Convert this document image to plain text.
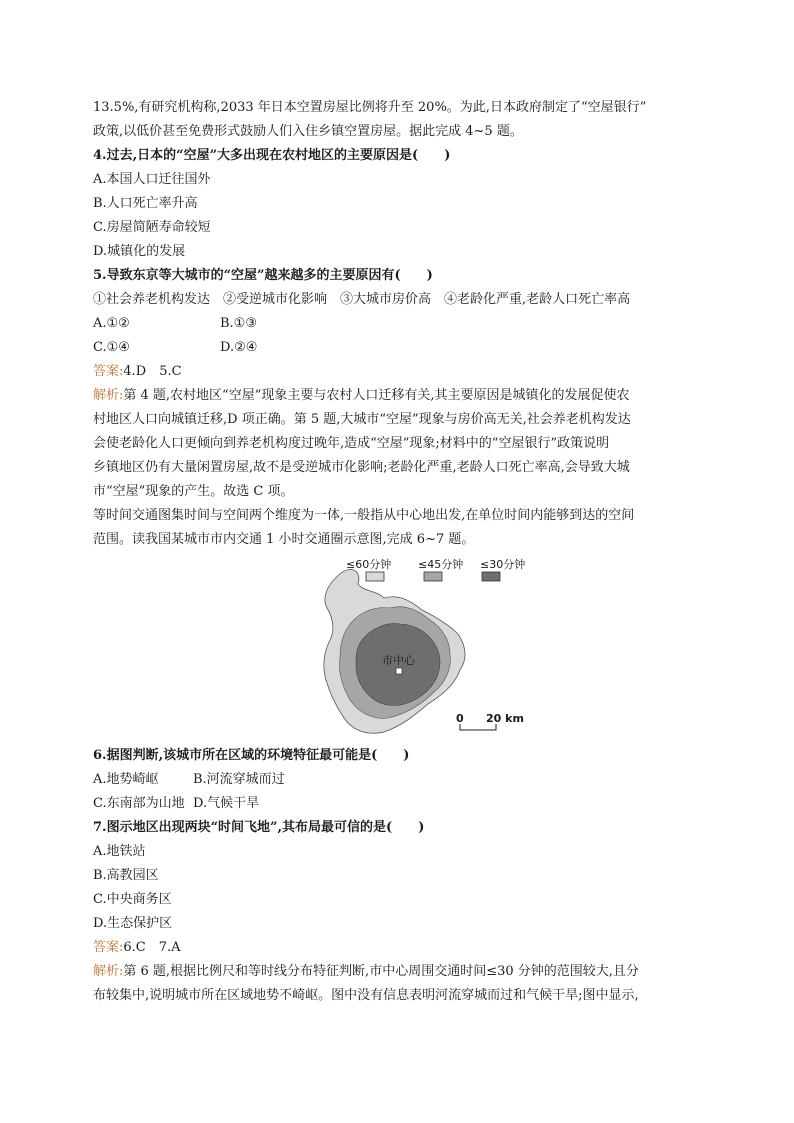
13.5%,有研究机构称,2033 年日本空置房屋比例将升至 20%。为此,日本政府制定了“空屋银行”
政策,以低价甚至免费形式鼓励人们入住乡镇空置房屋。据此完成 4~5 题。
4.过去,日本的“空屋”大多出现在农村地区的主要原因是(　　)
A.本国人口迁往国外
B.人口死亡率升高
C.房屋简陋寿命较短
D.城镇化的发展
5.导致东京等大城市的“空屋”越来越多的主要原因有(　　)
①社会养老机构发达　②受逆城市化影响　③大城市房价高　④老龄化严重,老龄人口死亡率高
A.①②	B.①③
C.①④	D.②④
答案:4.D　5.C
解析:第 4 题,农村地区“空屋”现象主要与农村人口迁移有关,其主要原因是城镇化的发展促使农
村地区人口向城镇迁移,D 项正确。第 5 题,大城市“空屋”现象与房价高无关,社会养老机构发达
会使老龄化人口更倾向到养老机构度过晚年,造成“空屋”现象;材料中的“空屋银行”政策说明
乡镇地区仍有大量闲置房屋,故不是受逆城市化影响;老龄化严重,老龄人口死亡率高,会导致大城
市“空屋”现象的产生。故选 C 项。
等时间交通图集时间与空间两个维度为一体,一般指从中心地出发,在单位时间内能够到达的空间
范围。读我国某城市市内交通 1 小时交通圈示意图,完成 6~7 题。
≤60分钟 ≤45分钟 ≤30分钟
市中心
0 20 km
6.据图判断,该城市所在区域的环境特征最可能是(　　)
A.地势崎岖	B.河流穿城而过
C.东南部为山地 D.气候干旱
7.图示地区出现两块“时间飞地”,其布局最可信的是(　　)
A.地铁站
B.高教园区
C.中央商务区
D.生态保护区
答案:6.C　7.A
解析:第 6 题,根据比例尺和等时线分布特征判断,市中心周围交通时间≤30 分钟的范围较大,且分
布较集中,说明城市所在区域地势不崎岖。图中没有信息表明河流穿城而过和气候干旱;图中显示,
